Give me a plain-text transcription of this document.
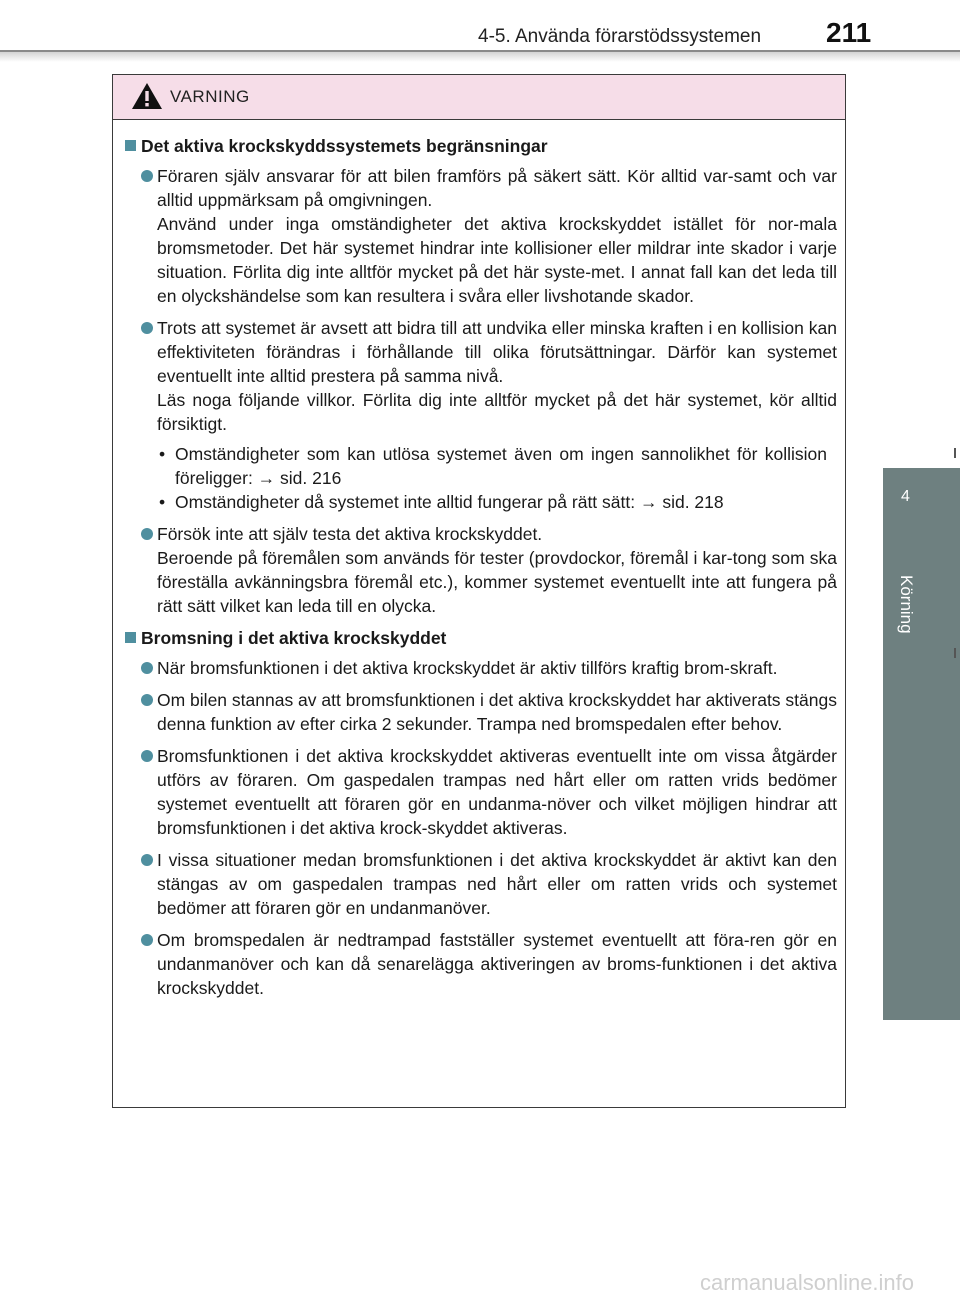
4-5. Använda förarstödssystemen 211
4
Körning
VARNING
Det aktiva krockskyddssystemets begränsningar

Föraren själv ansvarar för att bilen framförs på säkert sätt. Kör alltid var-samt och var alltid uppmärksam på omgivningen.

Använd under inga omständigheter det aktiva krockskyddet istället för nor-mala bromsmetoder. Det här systemet hindrar inte kollisioner eller mildrar inte skador i varje situation. Förlita dig inte alltför mycket på det här syste-met. I annat fall kan det leda till en olyckshändelse som kan resultera i svåra eller livshotande skador.

Trots att systemet är avsett att bidra till att undvika eller minska kraften i en kollision kan effektiviteten förändras i förhållande till olika förutsättningar. Därför kan systemet eventuellt inte alltid prestera på samma nivå.

Läs noga följande villkor. Förlita dig inte alltför mycket på det här systemet, kör alltid försiktigt.

• Omständigheter som kan utlösa systemet även om ingen sannolikhet för kollision föreligger: → sid. 216
• Omständigheter då systemet inte alltid fungerar på rätt sätt: → sid. 218

Försök inte att själv testa det aktiva krockskyddet.

Beroende på föremålen som används för tester (provdockor, föremål i kar-tong som ska föreställa avkänningsbra föremål etc.), kommer systemet eventuellt inte att fungera på rätt sätt vilket kan leda till en olycka.

Bromsning i det aktiva krockskyddet

När bromsfunktionen i det aktiva krockskyddet är aktiv tillförs kraftig brom-skraft.

Om bilen stannas av att bromsfunktionen i det aktiva krockskyddet har aktiverats stängs denna funktion av efter cirka 2 sekunder. Trampa ned bromspedalen efter behov.

Bromsfunktionen i det aktiva krockskyddet aktiveras eventuellt inte om vissa åtgärder utförs av föraren. Om gaspedalen trampas ned hårt eller om ratten vrids bedömer systemet eventuellt att föraren gör en undanma-növer och vilket möjligen hindrar att bromsfunktionen i det aktiva krock-skyddet aktiveras.

I vissa situationer medan bromsfunktionen i det aktiva krockskyddet är aktivt kan den stängas av om gaspedalen trampas ned hårt eller om ratten vrids och systemet bedömer att föraren gör en undanmanöver.

Om bromspedalen är nedtrampad fastställer systemet eventuellt att föra-ren gör en undanmanöver och kan då senarelägga aktiveringen av broms-funktionen i det aktiva krockskyddet.

carmanualsonline.info
